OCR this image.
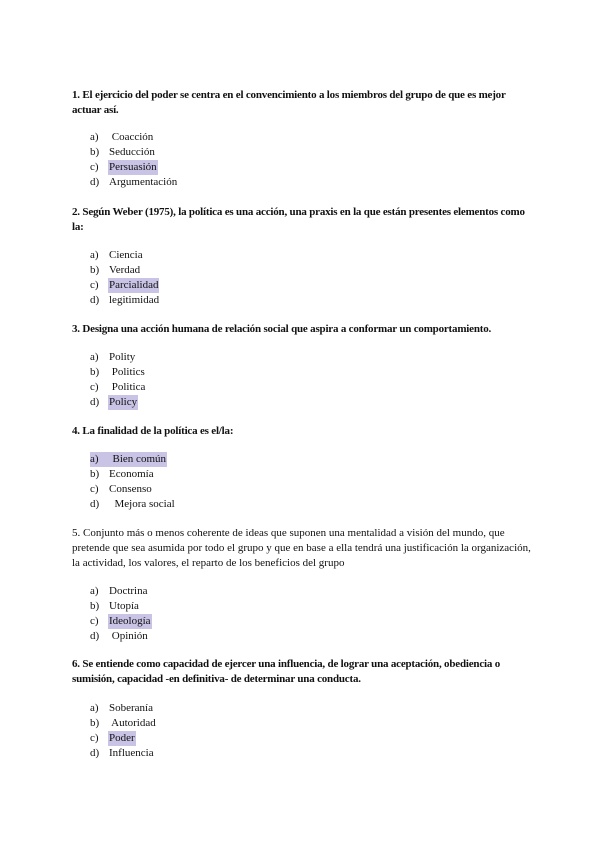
1. El ejercicio del poder se centra en el convencimiento a los miembros del grupo de que es mejor actuar así.

a) Coacción
b) Seducción
c) Persuasión
d) Argumentación

2. Según Weber (1975), la política es una acción, una praxis en la que están presentes elementos como la:

a) Ciencia
b) Verdad
c) Parcialidad
d) legitimidad

3. Designa una acción humana de relación social que aspira a conformar un comportamiento.

a) Polity
b) Politics
c) Politica
d) Policy

4. La finalidad de la política es el/la:

a) Bien común
b) Economía
c) Consenso
d) Mejora social

5. Conjunto más o menos coherente de ideas que suponen una mentalidad a visión del mundo, que pretende que sea asumida por todo el grupo y que en base a ella tendrá una justificación la organización, la actividad, los valores, el reparto de los beneficios del grupo

a) Doctrina
b) Utopía
c) Ideología
d) Opinión

6. Se entiende como capacidad de ejercer una influencia, de lograr una aceptación, obediencia o sumisión, capacidad -en definitiva- de determinar una conducta.

a) Soberanía
b) Autoridad
c) Poder
d) Influencia
